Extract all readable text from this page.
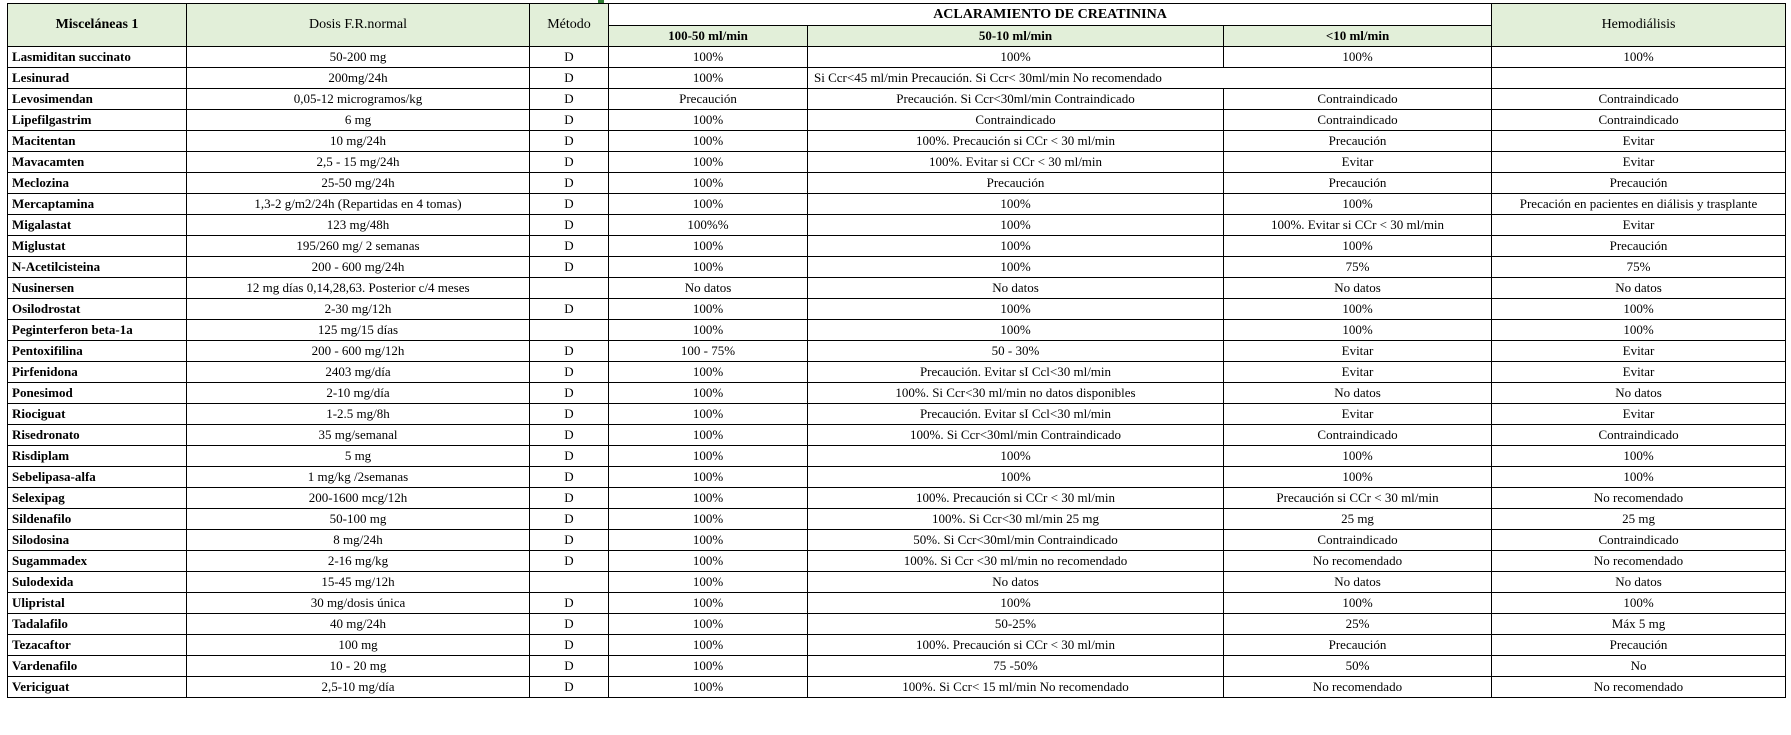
Misceláneas 1	Dosis F.R.normal	Método	ACLARAMIENTO DE CREATININA			Hemodiálisis
			100-50 ml/min	50-10 ml/min	<10 ml/min	
Lasmiditan succinato	50-200 mg	D	100%	100%	100%	100%
Lesinurad	200mg/24h	D	100%	Si Ccr<45 ml/min Precaución. Si Ccr< 30ml/min No recomendado		
Levosimendan	0,05-12 microgramos/kg	D	Precaución	Precaución. Si Ccr<30ml/min Contraindicado	Contraindicado	Contraindicado
Lipefilgastrim	6 mg	D	100%	Contraindicado	Contraindicado	Contraindicado
Macitentan	10 mg/24h	D	100%	100%. Precaución si CCr < 30 ml/min	Precaución	Evitar
Mavacamten	2,5 - 15 mg/24h	D	100%	100%. Evitar si CCr < 30 ml/min	Evitar	Evitar
Meclozina	25-50 mg/24h	D	100%	Precaución	Precaución	Precaución
Mercaptamina	1,3-2 g/m2/24h (Repartidas en 4 tomas)	D	100%	100%	100%	Precación en pacientes en diálisis y trasplante
Migalastat	123 mg/48h	D	100%%	100%	100%. Evitar si CCr < 30 ml/min	Evitar
Miglustat	195/260 mg/ 2 semanas	D	100%	100%	100%	Precaución
N-Acetilcisteina	200 - 600 mg/24h	D	100%	100%	75%	75%
Nusinersen	12 mg días 0,14,28,63. Posterior c/4 meses		No datos	No datos	No datos	No datos
Osilodrostat	2-30 mg/12h	D	100%	100%	100%	100%
Peginterferon beta-1a	125 mg/15 días		100%	100%	100%	100%
Pentoxifilina	200 - 600 mg/12h	D	100 - 75%	50 - 30%	Evitar	Evitar
Pirfenidona	2403 mg/día	D	100%	Precaución. Evitar sI Ccl<30 ml/min	Evitar	Evitar
Ponesimod	2-10 mg/día	D	100%	100%. Si Ccr<30 ml/min no datos disponibles	No datos	No datos
Riociguat	1-2.5 mg/8h	D	100%	Precaución. Evitar sI Ccl<30 ml/min	Evitar	Evitar
Risedronato	35 mg/semanal	D	100%	100%. Si Ccr<30ml/min Contraindicado	Contraindicado	Contraindicado
Risdiplam	5 mg	D	100%	100%	100%	100%
Sebelipasa-alfa	1 mg/kg /2semanas	D	100%	100%	100%	100%
Selexipag	200-1600 mcg/12h	D	100%	100%. Precaución si CCr < 30 ml/min	Precaución si CCr < 30 ml/min	No recomendado
Sildenafilo	50-100 mg	D	100%	100%. Si Ccr<30 ml/min 25 mg	25 mg	25 mg
Silodosina	8 mg/24h	D	100%	50%. Si Ccr<30ml/min Contraindicado	Contraindicado	Contraindicado
Sugammadex	2-16 mg/kg	D	100%	100%. Si Ccr <30 ml/min no recomendado	No recomendado	No recomendado
Sulodexida	15-45 mg/12h		100%	No datos	No datos	No datos
Ulipristal	30 mg/dosis única	D	100%	100%	100%	100%
Tadalafilo	40 mg/24h	D	100%	50-25%	25%	Máx 5 mg
Tezacaftor	100 mg	D	100%	100%. Precaución si CCr < 30 ml/min	Precaución	Precaución
Vardenafilo	10 - 20 mg	D	100%	75 -50%	50%	No
Vericiguat	2,5-10 mg/día	D	100%	100%. Si Ccr< 15 ml/min No recomendado	No recomendado	No recomendado
